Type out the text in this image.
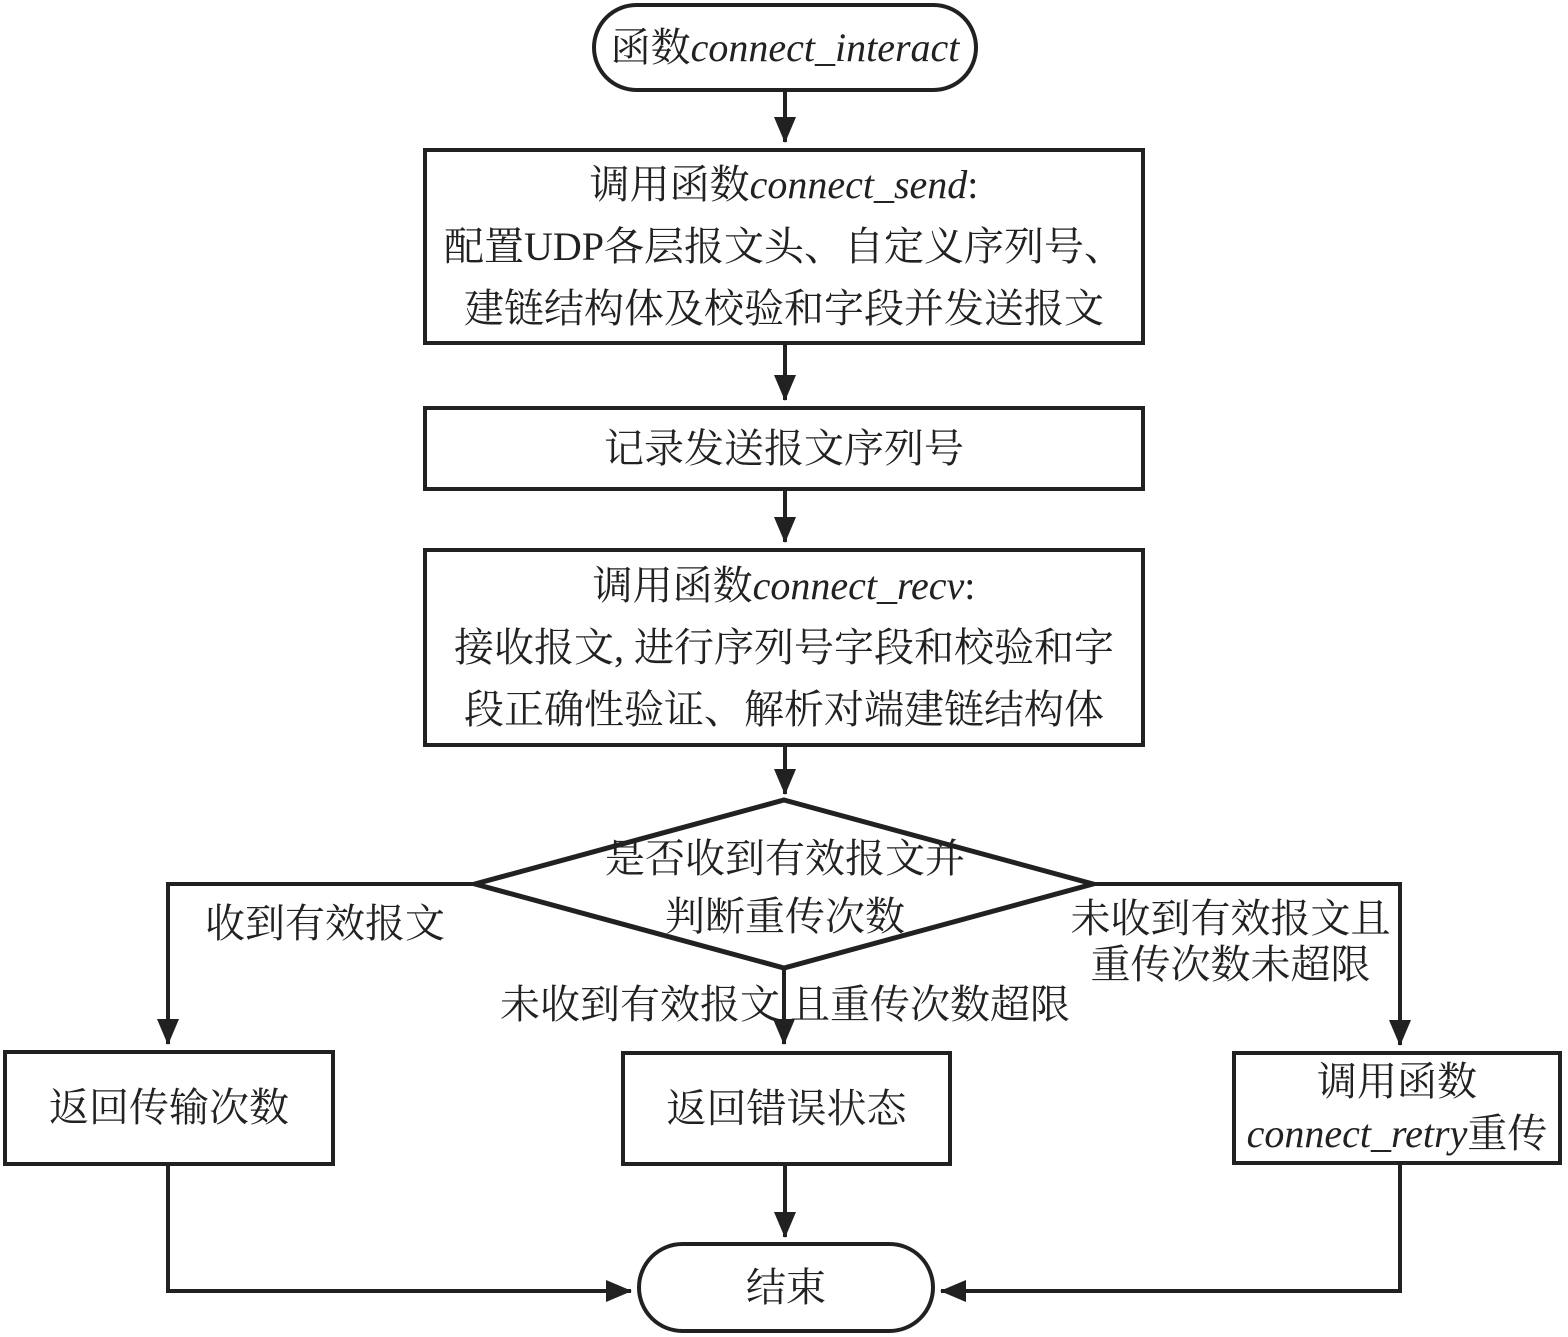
函数connect_interact
调用函数connect_send:
配置UDP各层报文头、自定义序列号、
建链结构体及校验和字段并发送报文
记录发送报文序列号
调用函数connect_recv:
接收报文, 进行序列号字段和校验和字
段正确性验证、解析对端建链结构体
是否收到有效报文并
判断重传次数
收到有效报文
未收到有效报文 且重传次数超限
未收到有效报文且
重传次数未超限
返回传输次数	返回错误状态
调用函数
connect_retry重传
结束
